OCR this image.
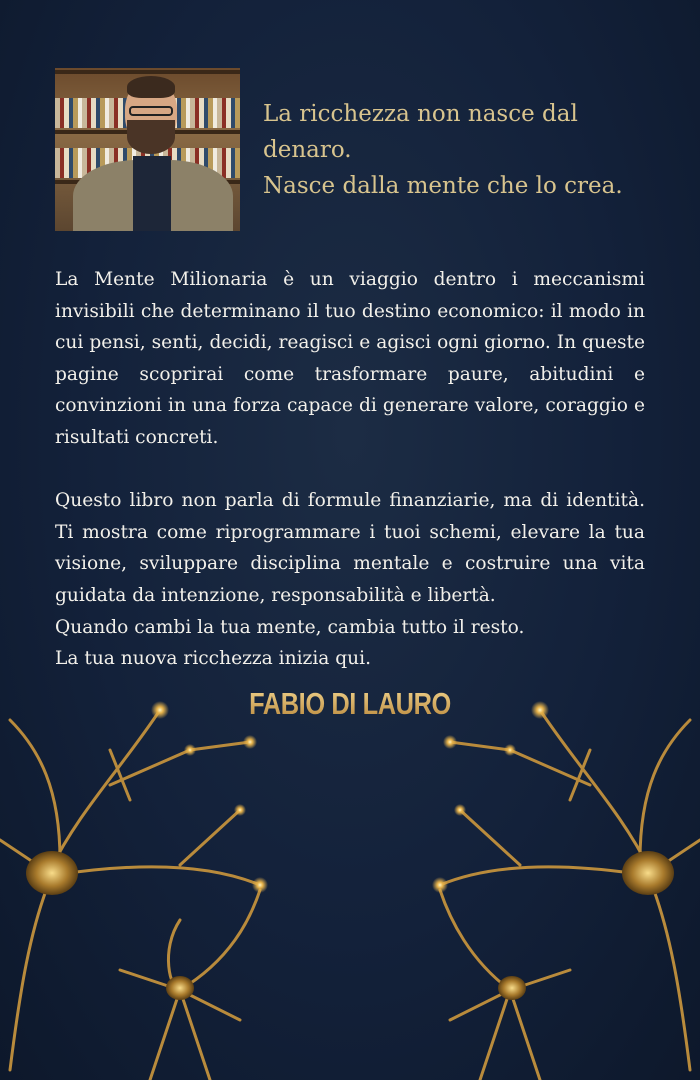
La ricchezza non nasce dal
denaro.
Nasce dalla mente che lo crea.

La Mente Milionaria è un viaggio dentro i meccanismi invisibili che determinano il tuo destino economico: il modo in cui pensi, senti, decidi, reagisci e agisci ogni giorno. In queste pagine scoprirai come trasformare paure, abitudini e convinzioni in una forza capace di generare valore, coraggio e risultati concreti.

Questo libro non parla di formule finanziarie, ma di identità. Ti mostra come riprogrammare i tuoi schemi, elevare la tua visione, sviluppare disciplina mentale e costruire una vita guidata da intenzione, responsabilità e libertà.

Quando cambi la tua mente, cambia tutto il resto.

La tua nuova ricchezza inizia qui.

FABIO DI LAURO
